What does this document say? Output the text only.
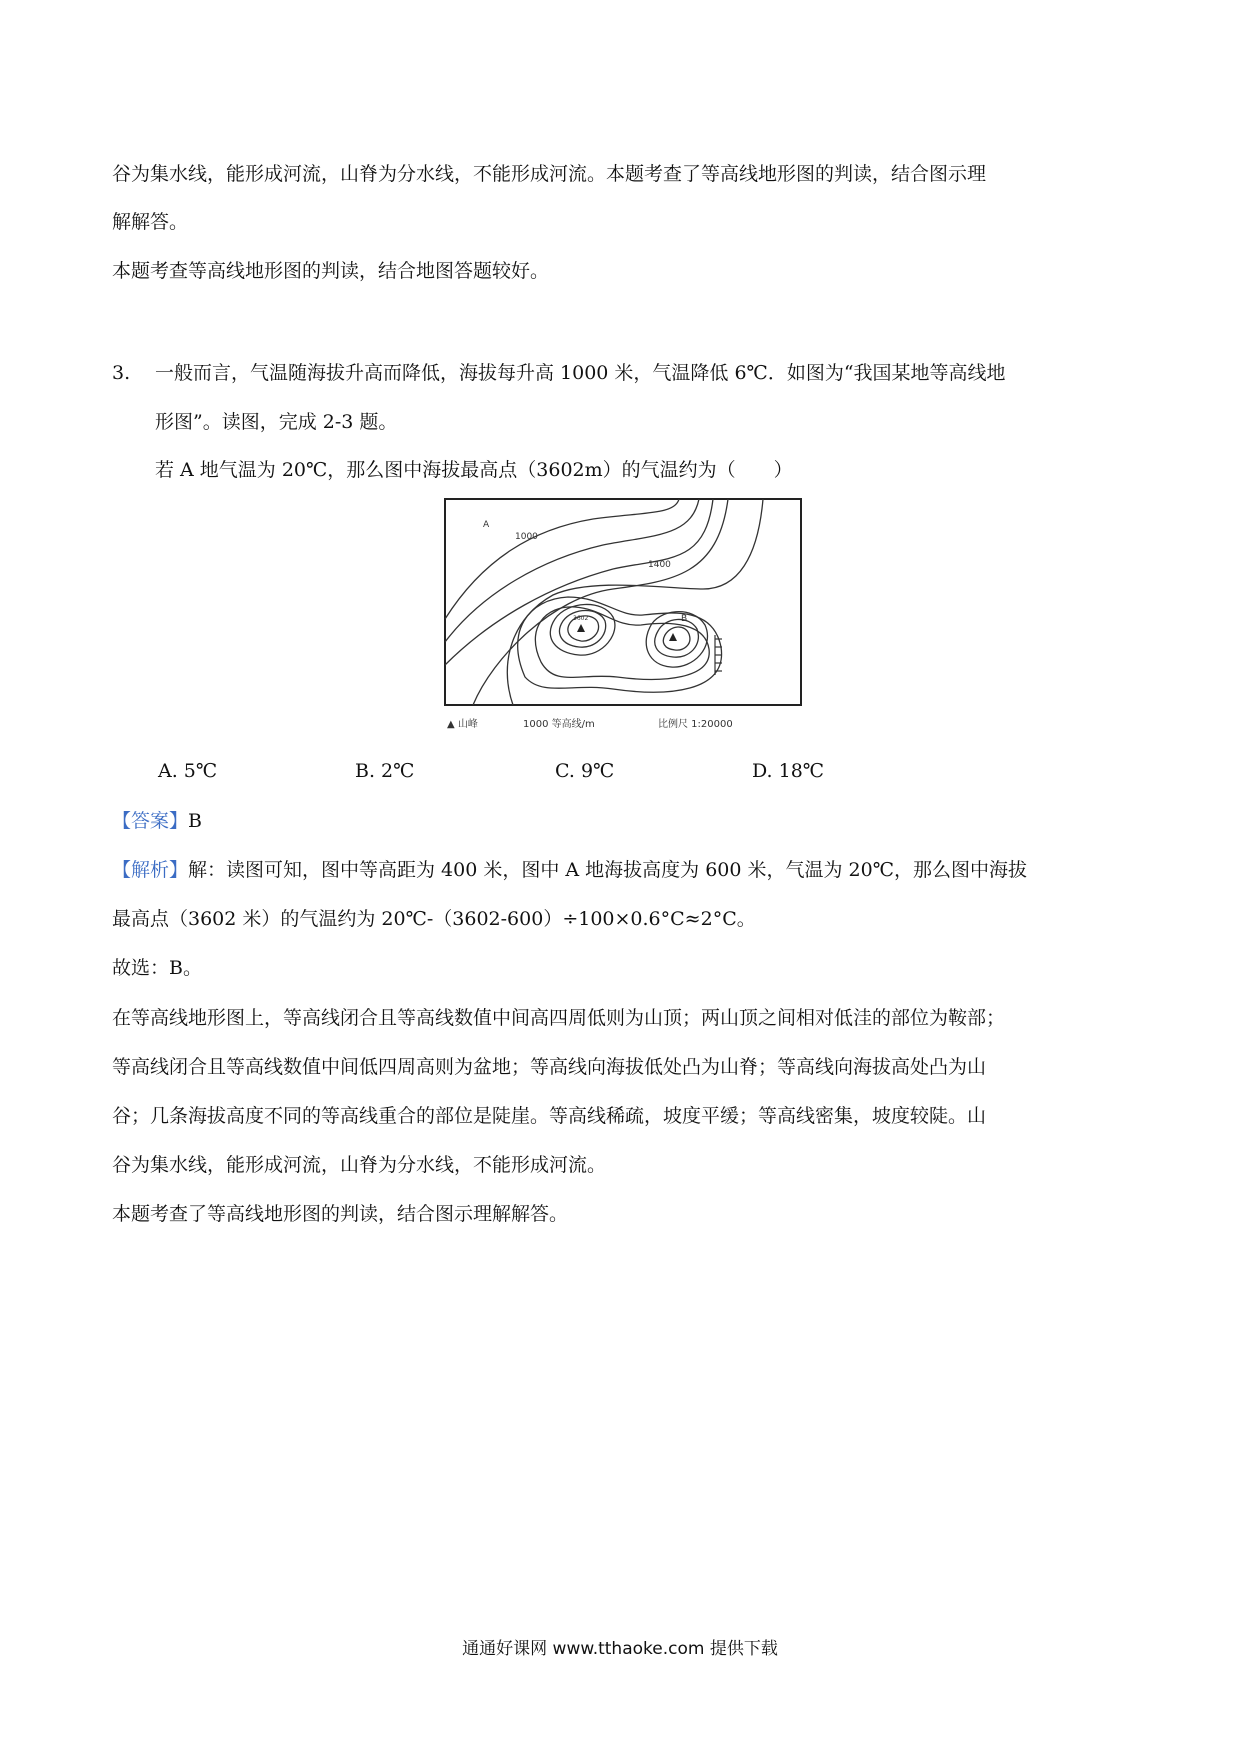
谷为集水线，能形成河流，山脊为分水线，不能形成河流。本题考查了等高线地形图的判读，结合图示理
解解答。
本题考查等高线地形图的判读，结合地图答题较好。
3. 一般而言，气温随海拔升高而降低，海拔每升高 1000 米，气温降低 6℃．如图为“我国某地等高线地
形图”。读图，完成 2-3 题。
若 A 地气温为 20℃，那么图中海拔最高点（3602m）的气温约为（　　）
A
B
1000
1400
3602
▲ 山峰	1000 等高线/m	比例尺 1:20000
A. 5℃	B. 2℃	C. 9℃	D. 18℃
【答案】B
【解析】解：读图可知，图中等高距为 400 米，图中 A 地海拔高度为 600 米，气温为 20℃，那么图中海拔
最高点（3602 米）的气温约为 20℃-（3602-600）÷100×0.6°C≈2°C。
故选：B。
在等高线地形图上，等高线闭合且等高线数值中间高四周低则为山顶；两山顶之间相对低洼的部位为鞍部；
等高线闭合且等高线数值中间低四周高则为盆地；等高线向海拔低处凸为山脊；等高线向海拔高处凸为山
谷；几条海拔高度不同的等高线重合的部位是陡崖。等高线稀疏，坡度平缓；等高线密集，坡度较陡。山
谷为集水线，能形成河流，山脊为分水线，不能形成河流。
本题考查了等高线地形图的判读，结合图示理解解答。
通通好课网 www.tthaoke.com 提供下载
